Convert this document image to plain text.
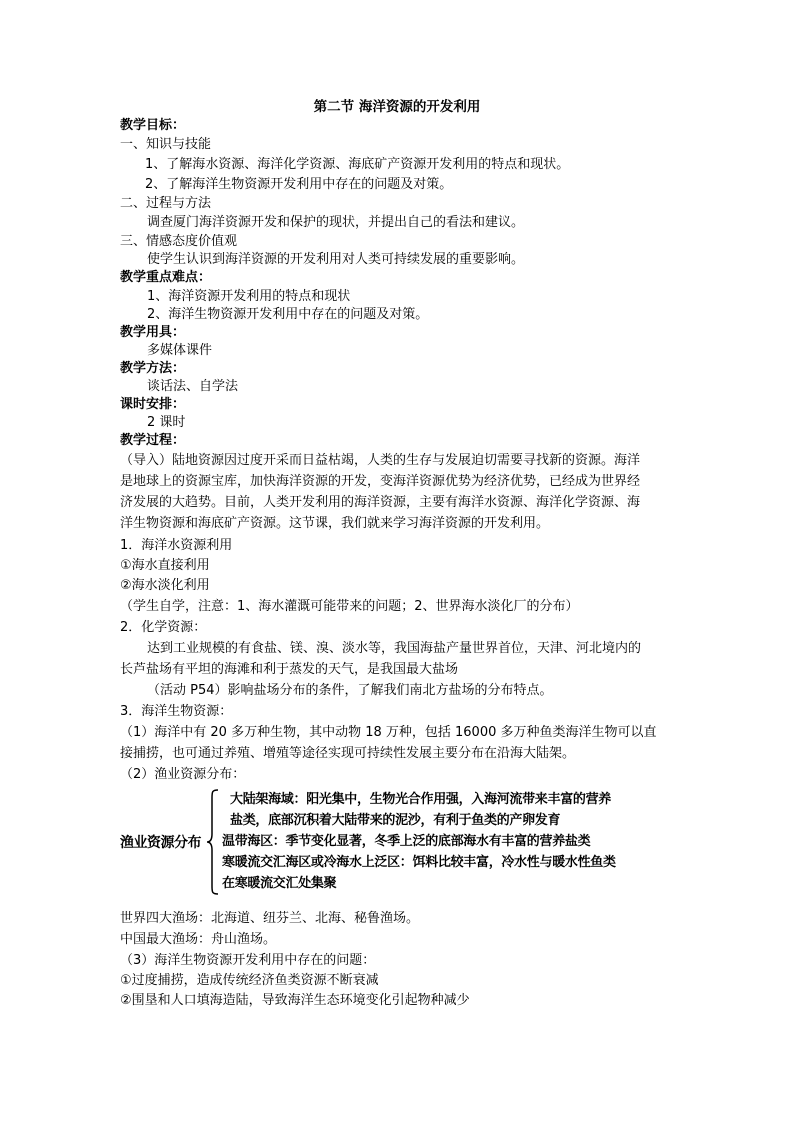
第二节 海洋资源的开发利用
教学目标：
一、知识与技能
1、了解海水资源、海洋化学资源、海底矿产资源开发利用的特点和现状。
2、了解海洋生物资源开发利用中存在的问题及对策。
二、过程与方法
调查厦门海洋资源开发和保护的现状，并提出自己的看法和建议。
三、情感态度价值观
使学生认识到海洋资源的开发利用对人类可持续发展的重要影响。
教学重点难点：
1、海洋资源开发利用的特点和现状
2、海洋生物资源开发利用中存在的问题及对策。
教学用具：
多媒体课件
教学方法：
谈话法、自学法
课时安排：
2 课时
教学过程：
（导入）陆地资源因过度开采而日益枯竭，人类的生存与发展迫切需要寻找新的资源。海洋
是地球上的资源宝库，加快海洋资源的开发，变海洋资源优势为经济优势，已经成为世界经
济发展的大趋势。目前，人类开发利用的海洋资源，主要有海洋水资源、海洋化学资源、海
洋生物资源和海底矿产资源。这节课，我们就来学习海洋资源的开发利用。
1．海洋水资源利用
①海水直接利用
②海水淡化利用
（学生自学，注意：1、海水灌溉可能带来的问题；2、世界海水淡化厂的分布）
2．化学资源：
达到工业规模的有食盐、镁、溴、淡水等，我国海盐产量世界首位，天津、河北境内的
长芦盐场有平坦的海滩和利于蒸发的天气，是我国最大盐场
（活动 P54）影响盐场分布的条件，了解我们南北方盐场的分布特点。
3．海洋生物资源：
（1）海洋中有 20 多万种生物，其中动物 18 万种，包括 16000 多万种鱼类海洋生物可以直
接捕捞，也可通过养殖、增殖等途径实现可持续性发展主要分布在沿海大陆架。
（2）渔业资源分布：
渔业资源分布
大陆架海域：阳光集中，生物光合作用强，入海河流带来丰富的营养
盐类，底部沉积着大陆带来的泥沙，有利于鱼类的产卵发育
温带海区：季节变化显著，冬季上泛的底部海水有丰富的营养盐类
寒暖流交汇海区或冷海水上泛区：饵料比较丰富，冷水性与暖水性鱼类
在寒暖流交汇处集聚
世界四大渔场：北海道、纽芬兰、北海、秘鲁渔场。
中国最大渔场：舟山渔场。
（3）海洋生物资源开发利用中存在的问题：
①过度捕捞，造成传统经济鱼类资源不断衰减
②围垦和人口填海造陆，导致海洋生态环境变化引起物种减少
